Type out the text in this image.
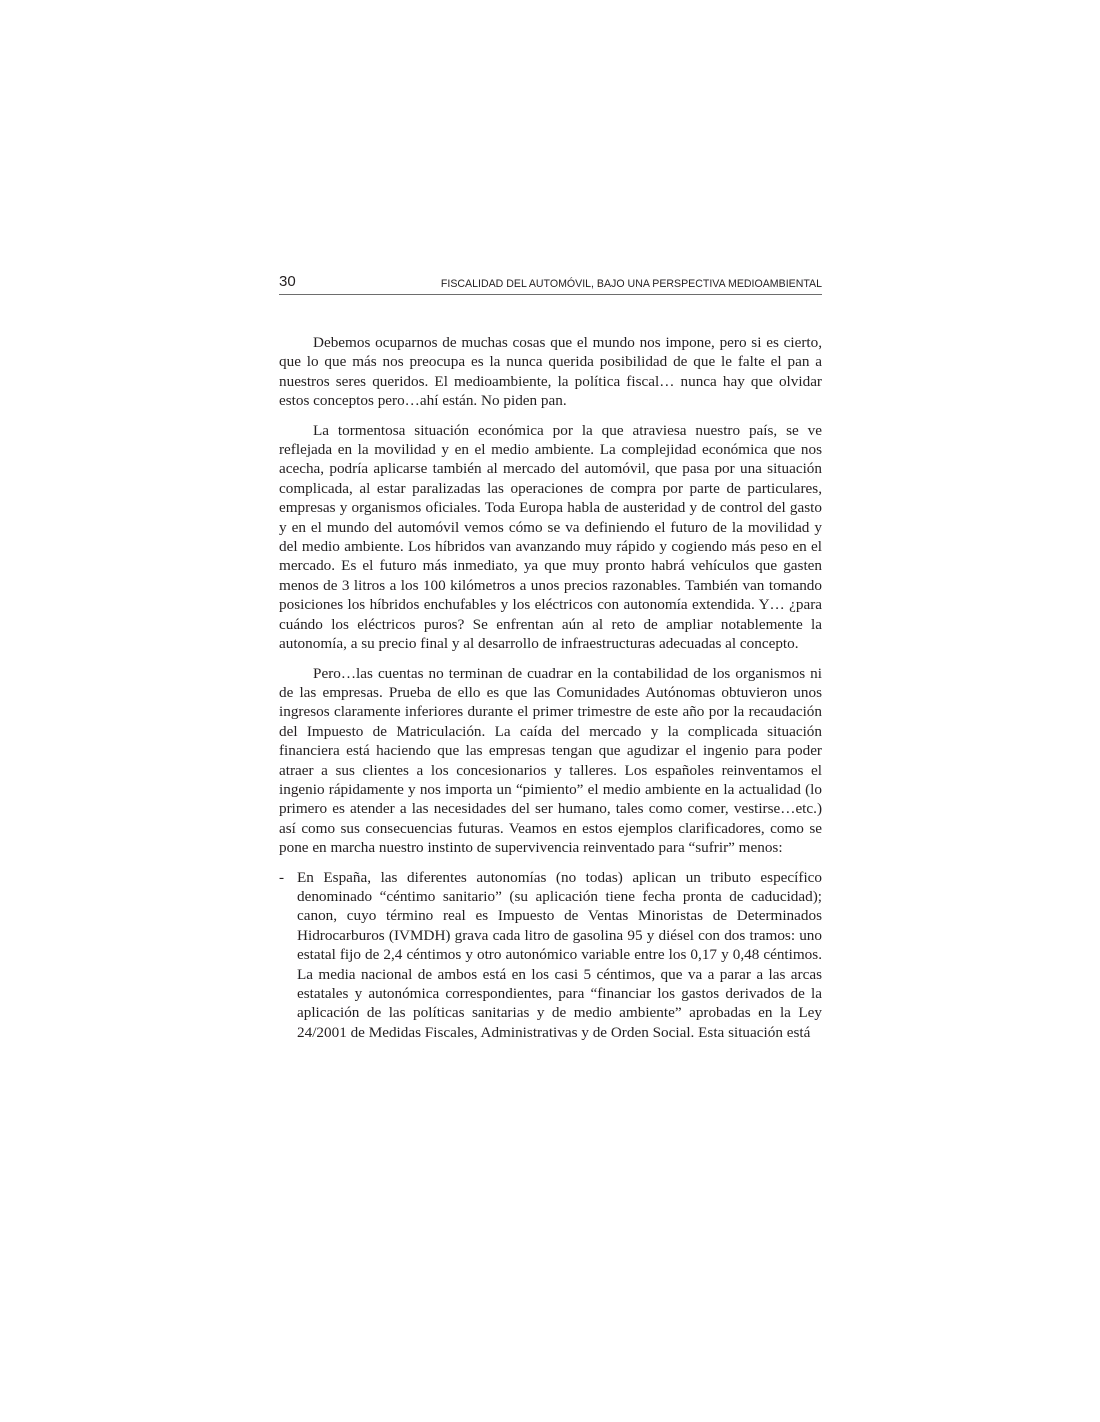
30	FISCALIDAD DEL AUTOMÓVIL, BAJO UNA PERSPECTIVA MEDIOAMBIENTAL

Debemos ocuparnos de muchas cosas que el mundo nos impone, pero si es cierto, que lo que más nos preocupa es la nunca querida posibilidad de que le falte el pan a nuestros seres queridos. El medioambiente, la política fiscal… nunca hay que olvidar estos conceptos pero…ahí están. No piden pan.

La tormentosa situación económica por la que atraviesa nuestro país, se ve reflejada en la movilidad y en el medio ambiente. La complejidad económica que nos acecha, podría aplicarse también al mercado del automóvil, que pasa por una situación complicada, al estar paralizadas las operaciones de compra por parte de particulares, empresas y organismos oficiales. Toda Europa habla de austeridad y de control del gasto y en el mundo del automóvil vemos cómo se va definiendo el futuro de la movilidad y del medio ambiente. Los híbridos van avanzando muy rápido y cogiendo más peso en el mercado. Es el futuro más inmediato, ya que muy pronto habrá vehículos que gasten menos de 3 litros a los 100 kilómetros a unos precios razonables. También van tomando posiciones los híbridos enchufables y los eléctricos con autonomía extendida. Y… ¿para cuándo los eléctricos puros? Se enfrentan aún al reto de ampliar notablemente la autonomía, a su precio final y al desarrollo de infraestructuras adecuadas al concepto.

Pero…las cuentas no terminan de cuadrar en la contabilidad de los organismos ni de las empresas. Prueba de ello es que las Comunidades Autónomas obtuvieron unos ingresos claramente inferiores durante el primer trimestre de este año por la recaudación del Impuesto de Matriculación. La caída del mercado y la complicada situación financiera está haciendo que las empresas tengan que agudizar el ingenio para poder atraer a sus clientes a los concesionarios y talleres. Los españoles reinventamos el ingenio rápidamente y nos importa un “pimiento” el medio ambiente en la actualidad (lo primero es atender a las necesidades del ser humano, tales como comer, vestirse…etc.) así como sus consecuencias futuras. Veamos en estos ejemplos clarificadores, como se pone en marcha nuestro instinto de supervivencia reinventado para “sufrir” menos:

- En España, las diferentes autonomías (no todas) aplican un tributo específico denominado “céntimo sanitario” (su aplicación tiene fecha pronta de caducidad); canon, cuyo término real es Impuesto de Ventas Minoristas de Determinados Hidrocarburos (IVMDH) grava cada litro de gasolina 95 y diésel con dos tramos: uno estatal fijo de 2,4 céntimos y otro autonómico variable entre los 0,17 y 0,48 céntimos. La media nacional de ambos está en los casi 5 céntimos, que va a parar a las arcas estatales y autonómica correspondientes, para “financiar los gastos derivados de la aplicación de las políticas sanitarias y de medio ambiente” aprobadas en la Ley 24/2001 de Medidas Fiscales, Administrativas y de Orden Social. Esta situación está
